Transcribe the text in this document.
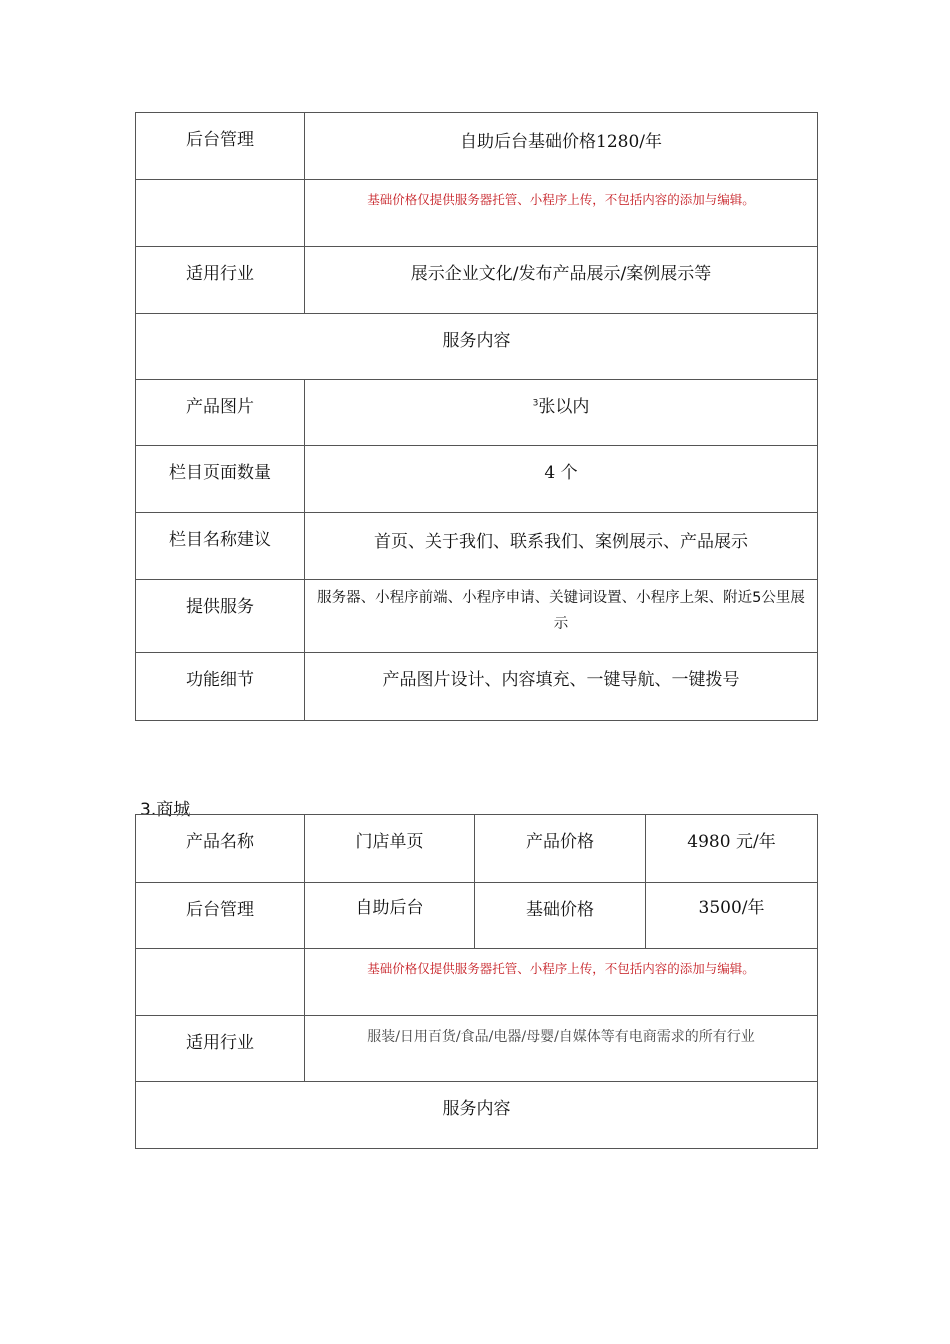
后台管理	自助后台基础价格1280/年
	基础价格仅提供服务器托管、小程序上传，不包括内容的添加与编辑。
适用行业	展示企业文化/发布产品展示/案例展示等
服务内容	
产品图片	$^3$张以内
栏目页面数量	4 个
栏目名称建议	首页、关于我们、联系我们、案例展示、产品展示
提供服务	服务器、小程序前端、小程序申请、关键词设置、小程序上架、附近5公里展示

功能细节	产品图片设计、内容填充、一键导航、一键拨号
3.商城
产品名称	门店单页	产品价格	4980 元/年
后台管理	自助后台	基础价格	3500/年
	基础价格仅提供服务器托管、小程序上传，不包括内容的添加与编辑。		
适用行业	服装/日用百货/食品/电器/母婴/自媒体等有电商需求的所有行业		
服务内容			
